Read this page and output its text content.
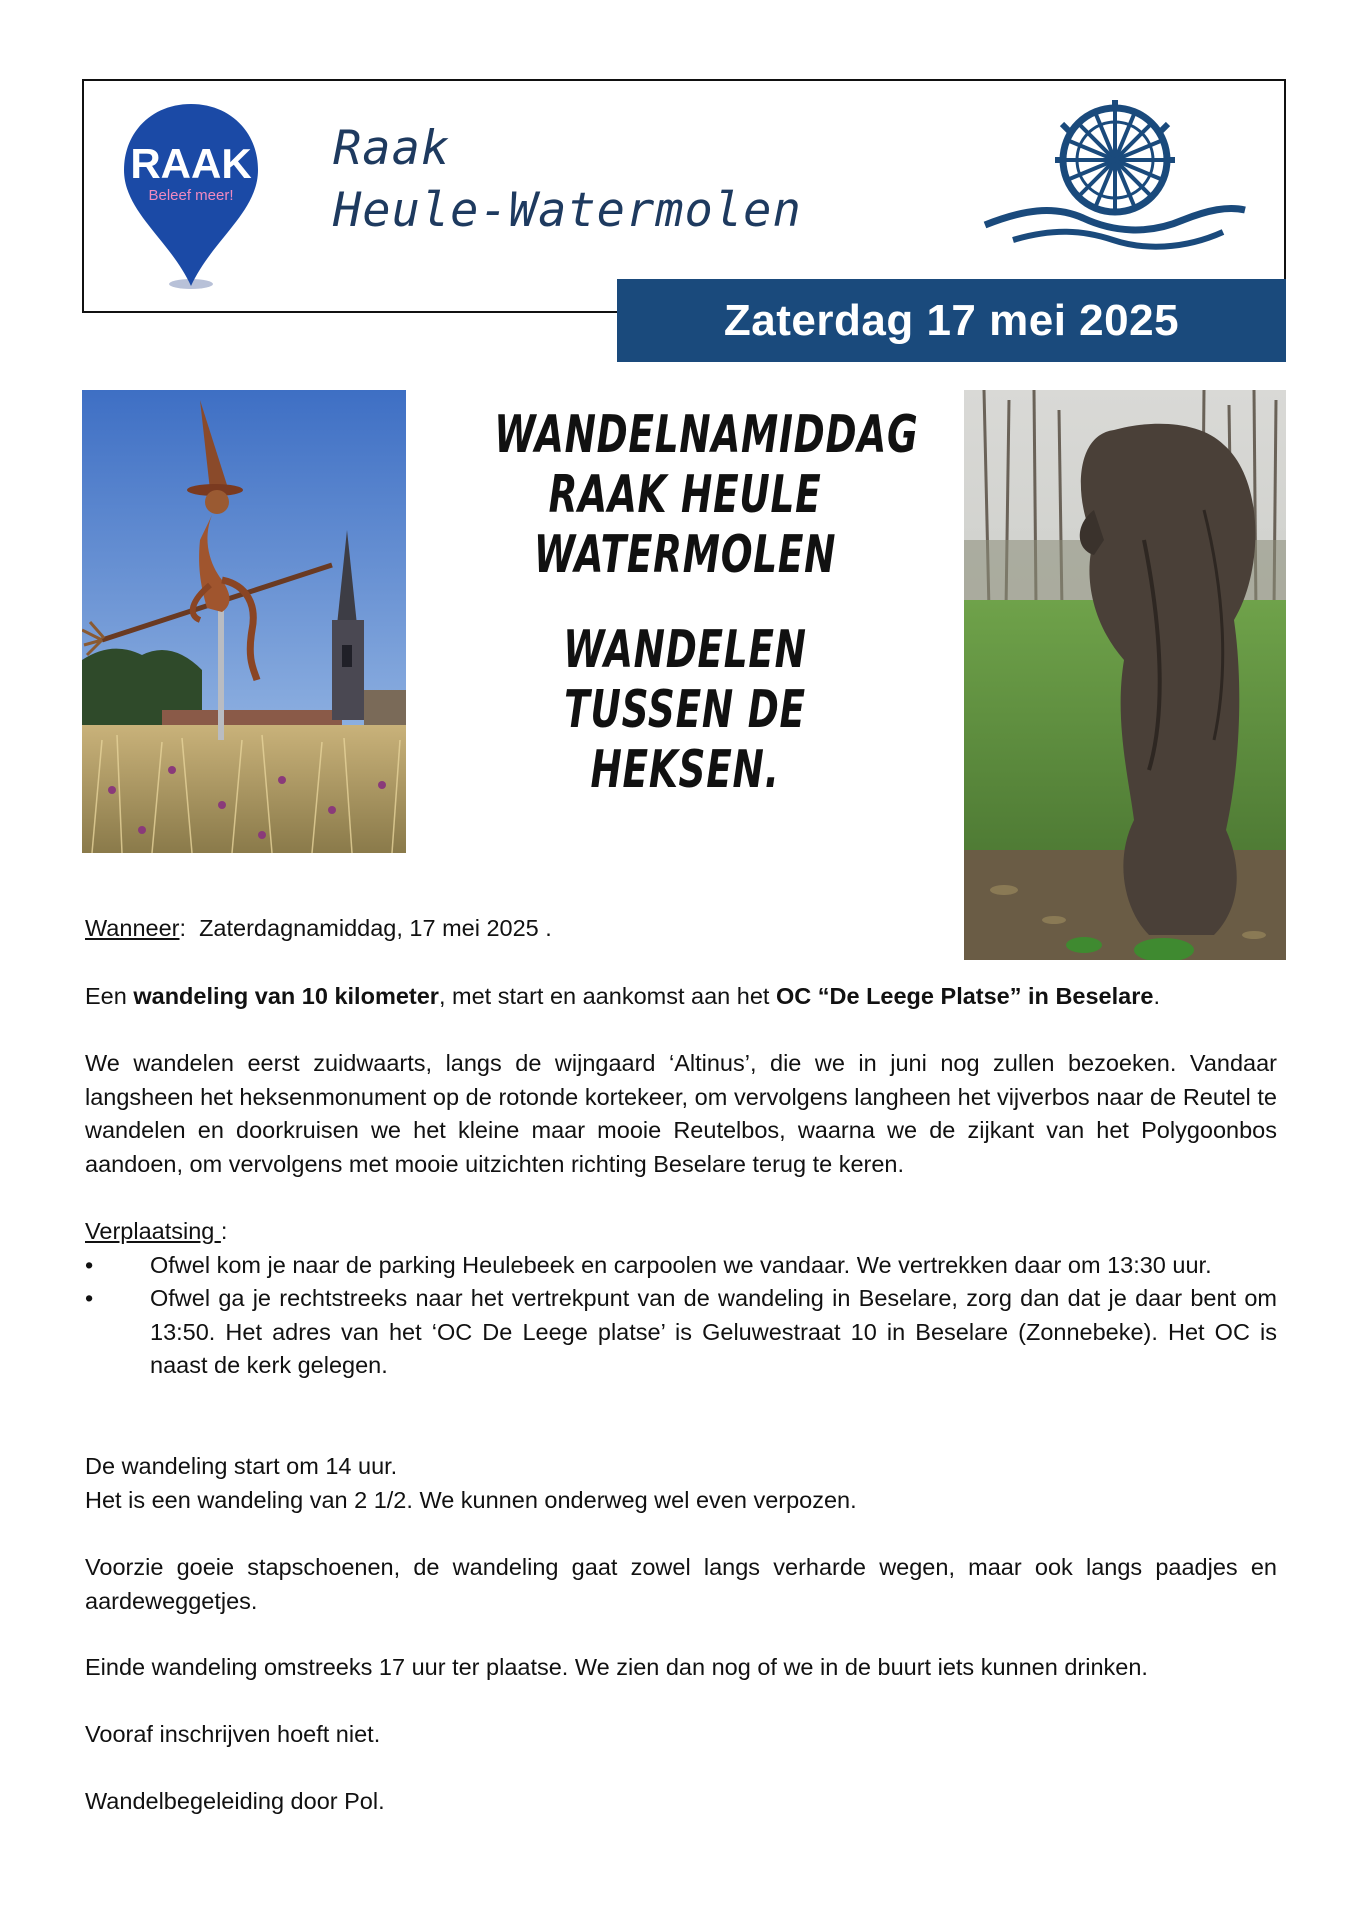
RAAK
Beleef meer!
Raak
Heule-Watermolen
Zaterdag 17 mei 2025
WANDELNAMIDDAG
RAAK HEULE WATERMOLEN
WANDELEN
TUSSEN DE HEKSEN.

Wanneer:  Zaterdagnamiddag, 17 mei 2025 .

Een wandeling van 10 kilometer, met start en aankomst aan het OC “De Leege Platse” in Beselare.

We wandelen eerst zuidwaarts, langs de wijngaard ‘Altinus’, die we in juni nog zullen bezoeken. Vandaar langsheen het heksenmonument op de rotonde kortekeer, om vervolgens langheen het vijverbos naar de Reutel te wandelen en doorkruisen we het kleine maar mooie Reutelbos, waarna we de zijkant van het Polygoonbos aandoen, om vervolgens met mooie uitzichten richting Beselare terug te keren.

Verplaatsing :

• Ofwel kom je naar de parking Heulebeek en carpoolen we vandaar. We vertrekken daar om 13:30 uur.
• Ofwel ga je rechtstreeks naar het vertrekpunt van de wandeling in Beselare, zorg dan dat je daar bent om 13:50. Het adres van het ‘OC De Leege platse’ is Geluwestraat 10 in Beselare (Zonnebeke). Het OC is naast de kerk gelegen.

De wandeling start om 14 uur.

Het is een wandeling van 2 1/2. We kunnen onderweg wel even verpozen.

Voorzie goeie stapschoenen, de wandeling gaat zowel langs verharde wegen, maar ook langs paadjes en aardeweggetjes.

Einde wandeling omstreeks 17 uur ter plaatse. We zien dan nog of we in de buurt iets kunnen drinken.

Vooraf inschrijven hoeft niet.

Wandelbegeleiding door Pol.
